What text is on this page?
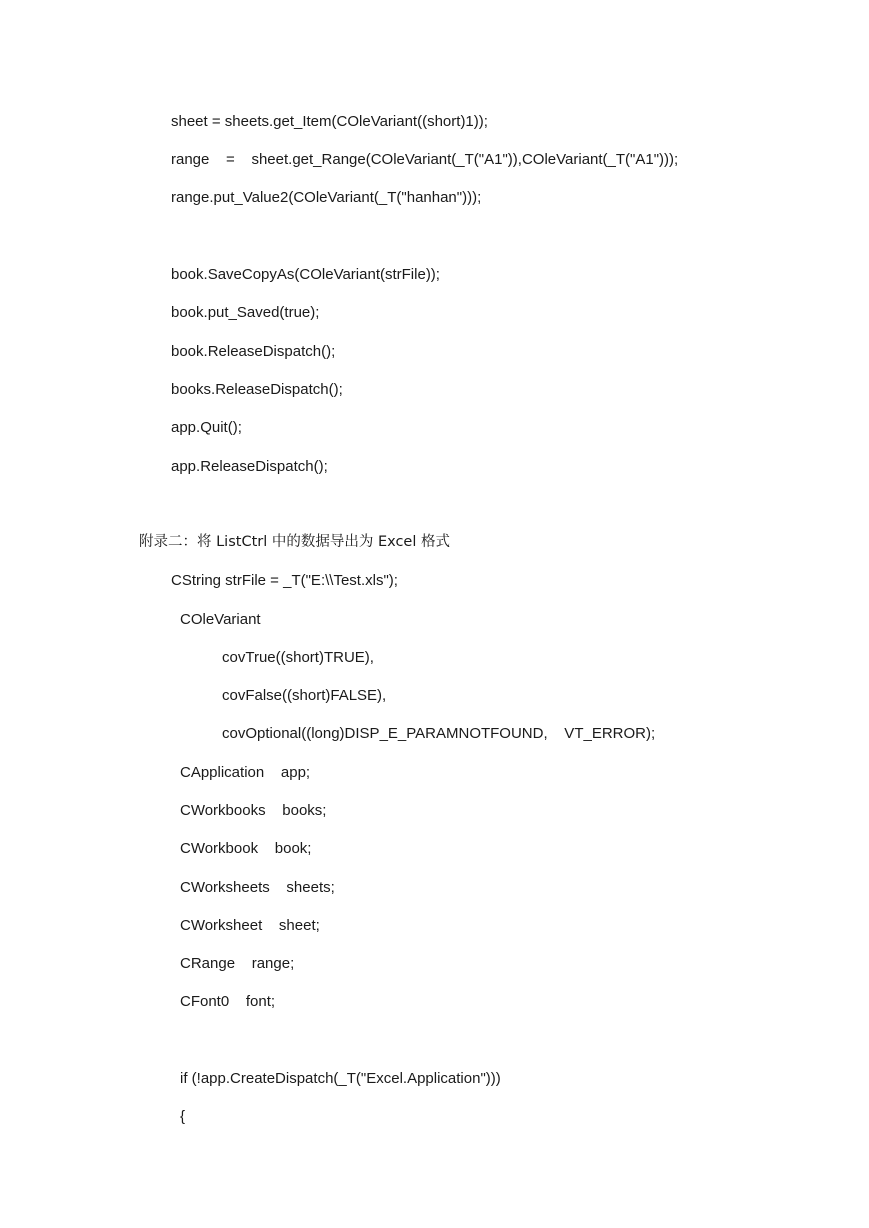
sheet = sheets.get_Item(COleVariant((short)1));
range    =    sheet.get_Range(COleVariant(_T("A1")),COleVariant(_T("A1")));
range.put_Value2(COleVariant(_T("hanhan")));
book.SaveCopyAs(COleVariant(strFile));
book.put_Saved(true);
book.ReleaseDispatch();
books.ReleaseDispatch();
app.Quit();
app.ReleaseDispatch();
附录二：将 ListCtrl 中的数据导出为 Excel 格式
CString strFile = _T("E:\\Test.xls");
COleVariant
covTrue((short)TRUE),
covFalse((short)FALSE),
covOptional((long)DISP_E_PARAMNOTFOUND,    VT_ERROR);
CApplication    app;
CWorkbooks    books;
CWorkbook    book;
CWorksheets    sheets;
CWorksheet    sheet;
CRange    range;
CFont0    font;
if (!app.CreateDispatch(_T("Excel.Application")))
{
